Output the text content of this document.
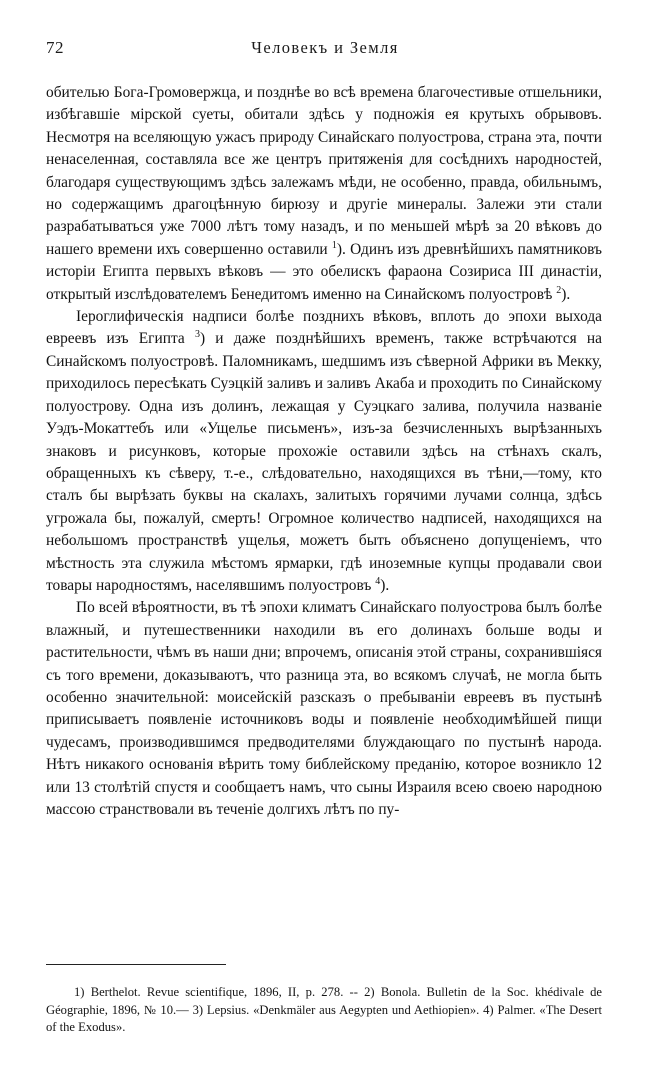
72	Человекъ и Земля

обителью Бога-Громовержца, и позднѣе во всѣ времена благочестивые отшельники, избѣгавшіе мірской суеты, обитали здѣсь у подножія ея крутыхъ обрывовъ. Несмотря на вселяющую ужасъ природу Синайскаго полуострова, страна эта, почти ненаселенная, составляла все же центръ притяженія для сосѣднихъ народностей, благодаря существующимъ здѣсь залежамъ мѣди, не особенно, правда, обильнымъ, но содержащимъ драгоцѣнную бирюзу и другіе минералы. Залежи эти стали разрабатываться уже 7000 лѣтъ тому назадъ, и по меньшей мѣрѣ за 20 вѣковъ до нашего времени ихъ совершенно оставили $^1$). Одинъ изъ древнѣйшихъ памятниковъ исторіи Египта первыхъ вѣковъ — это обелискъ фараона Созириса III династіи, открытый изслѣдователемъ Бенедитомъ именно на Синайскомъ полуостровѣ $^2$).

Іероглифическія надписи болѣе позднихъ вѣковъ, вплоть до эпохи выхода евреевъ изъ Египта $^3$) и даже позднѣйшихъ временъ, также встрѣчаются на Синайскомъ полуостровѣ. Паломникамъ, шедшимъ изъ сѣверной Африки въ Мекку, приходилось пересѣкать Суэцкій заливъ и заливъ Акаба и проходить по Синайскому полуострову. Одна изъ долинъ, лежащая у Суэцкаго залива, получила названіе Уэдъ-Мокаттебъ или «Ущелье письменъ», изъ-за безчисленныхъ вырѣзанныхъ знаковъ и рисунковъ, которые прохожіе оставили здѣсь на стѣнахъ скалъ, обращенныхъ къ сѣверу, т.-е., слѣдовательно, находящихся въ тѣни,—тому, кто сталъ бы вырѣзать буквы на скалахъ, залитыхъ горячими лучами солнца, здѣсь угрожала бы, пожалуй, смерть! Огромное количество надписей, находящихся на небольшомъ пространствѣ ущелья, можетъ быть объяснено допущеніемъ, что мѣстность эта служила мѣстомъ ярмарки, гдѣ иноземные купцы продавали свои товары народностямъ, населявшимъ полуостровъ $^4$).

По всей вѣроятности, въ тѣ эпохи климатъ Синайскаго полуострова былъ болѣе влажный, и путешественники находили въ его долинахъ больше воды и растительности, чѣмъ въ наши дни; впрочемъ, описанія этой страны, сохранившіяся съ того времени, доказываютъ, что разница эта, во всякомъ случаѣ, не могла быть особенно значительной: моисейскій разсказъ о пребываніи евреевъ въ пустынѣ приписываетъ появленіе источниковъ воды и появленіе необходимѣйшей пищи чудесамъ, производившимся предводителями блуждающаго по пустынѣ народа. Нѣтъ никакого основанія вѣрить тому библейскому преданію, которое возникло 12 или 13 столѣтій спустя и сообщаетъ намъ, что сыны Израиля всею своею народною массою странствовали въ теченіе долгихъ лѣтъ по пу-

1) Berthelot. Revue scientifique, 1896, II, p. 278. -- 2) Bonola. Bulletin de la Soc. khédivale de Géographie, 1896, № 10.— 3) Lepsius. «Denkmäler aus Aegypten und Aethiopien». 4) Palmer. «The Desert of the Exodus».
